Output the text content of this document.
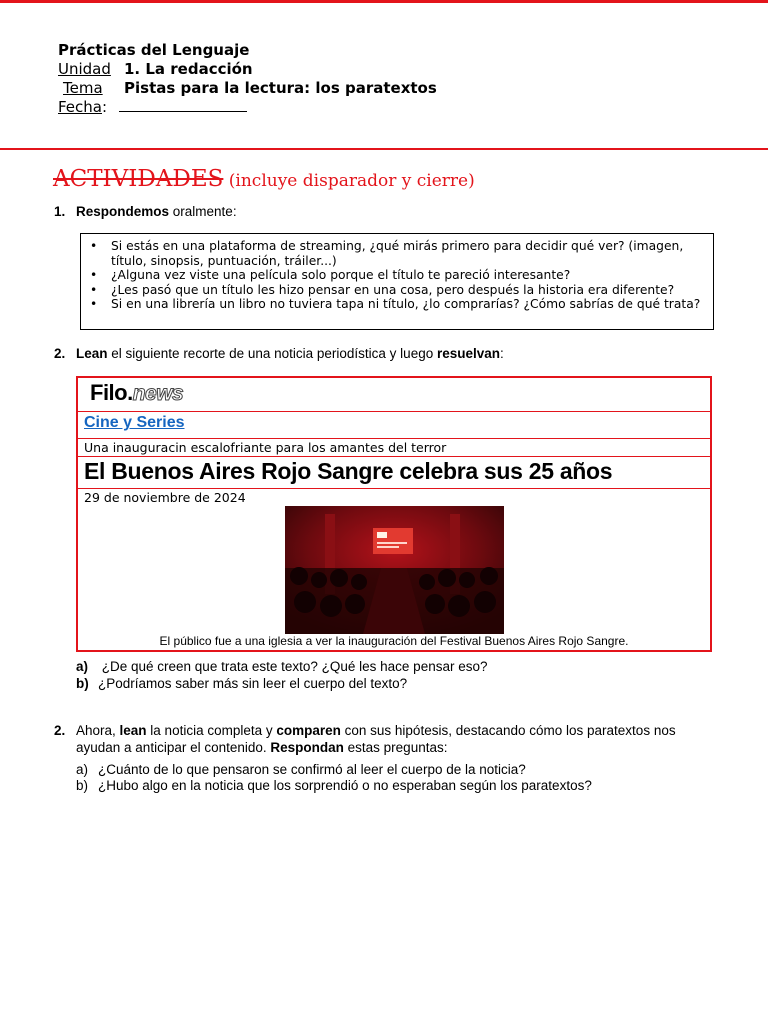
Prácticas del Lenguaje
Unidad 1. La redacción
Tema	Pistas para la lectura: los paratextos
Fecha :
ACTIVIDADES (incluye disparador y cierre)
1. Respondemos oralmente:
•	Si estás en una plataforma de streaming, ¿qué mirás primero para decidir qué ver? (imagen, título, sinopsis, puntuación, tráiler...)
•	¿Alguna vez viste una película solo porque el título te pareció interesante?
•	¿Les pasó que un título les hizo pensar en una cosa, pero después la historia era diferente?
•	Si en una librería un libro no tuviera tapa ni título, ¿lo comprarías? ¿Cómo sabrías de qué trata?
2. Lean el siguiente recorte de una noticia periodística y luego resuelvan:
Filo.news
Cine y Series
Una inauguracin escalofriante para los amantes del terror
El Buenos Aires Rojo Sangre celebra sus 25 años
29 de noviembre de 2024
El público fue a una iglesia a ver la inauguración del Festival Buenos Aires Rojo Sangre.
a) ¿De qué creen que trata este texto? ¿Qué les hace pensar eso?
b) ¿Podríamos saber más sin leer el cuerpo del texto?
2. Ahora, lean la noticia completa y comparen con sus hipótesis, destacando cómo los paratextos nos
ayudan a anticipar el contenido. Respondan estas preguntas:
a) ¿Cuánto de lo que pensaron se confirmó al leer el cuerpo de la noticia?
b) ¿Hubo algo en la noticia que los sorprendió o no esperaban según los paratextos?
